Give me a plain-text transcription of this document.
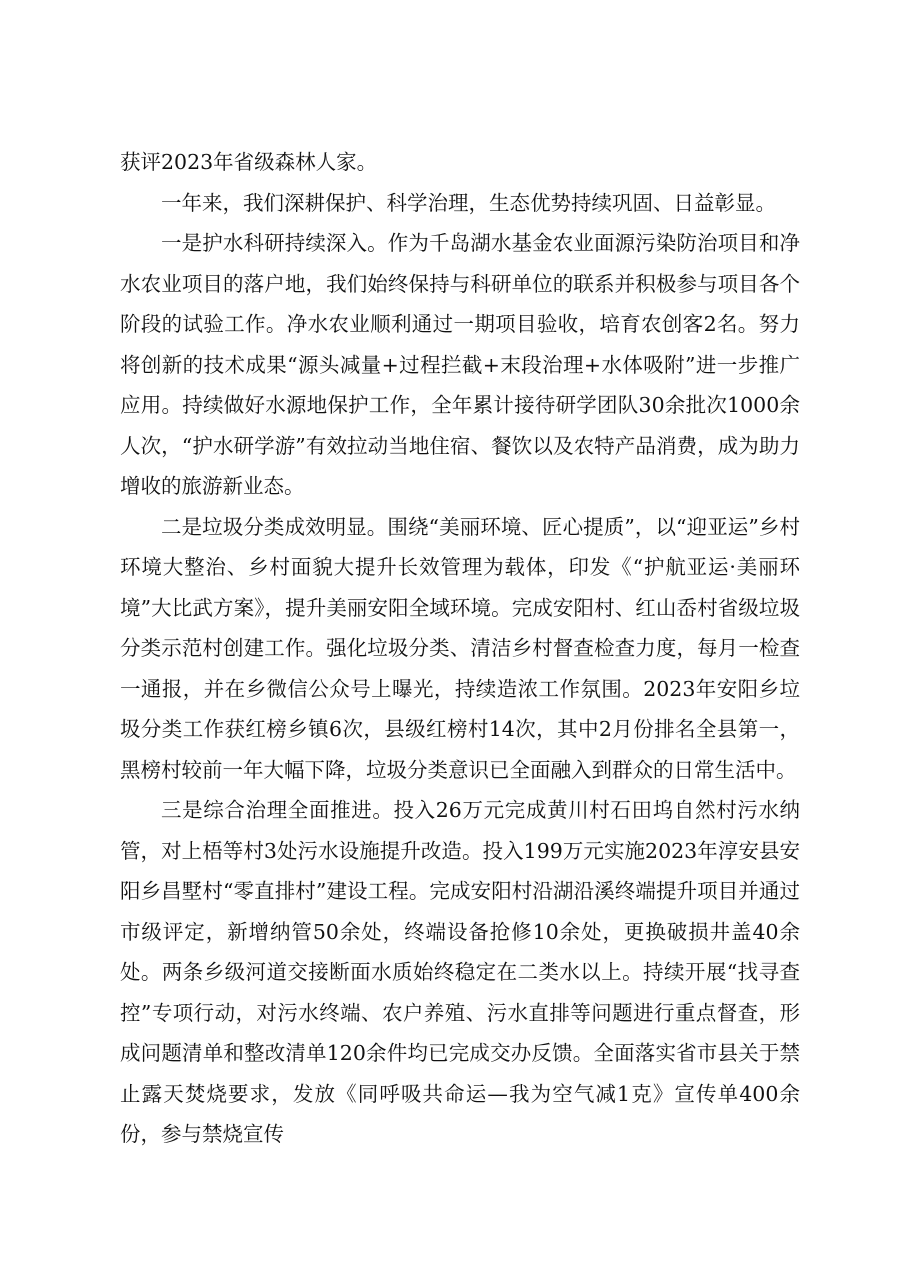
获评2023年省级森林人家。

一年来，我们深耕保护、科学治理，生态优势持续巩固、日益彰显。

一是护水科研持续深入。作为千岛湖水基金农业面源污染防治项目和净水农业项目的落户地，我们始终保持与科研单位的联系并积极参与项目各个阶段的试验工作。净水农业顺利通过一期项目验收，培育农创客2名。努力将创新的技术成果“源头减量+过程拦截+末段治理+水体吸附”进一步推广应用。持续做好水源地保护工作，全年累计接待研学团队30余批次1000余人次，“护水研学游”有效拉动当地住宿、餐饮以及农特产品消费，成为助力增收的旅游新业态。

二是垃圾分类成效明显。围绕“美丽环境、匠心提质”，以“迎亚运”乡村环境大整治、乡村面貌大提升长效管理为载体，印发《“护航亚运·美丽环境”大比武方案》，提升美丽安阳全域环境。完成安阳村、红山岙村省级垃圾分类示范村创建工作。强化垃圾分类、清洁乡村督查检查力度，每月一检查一通报，并在乡微信公众号上曝光，持续造浓工作氛围。2023年安阳乡垃圾分类工作获红榜乡镇6次，县级红榜村14次，其中2月份排名全县第一，黑榜村较前一年大幅下降，垃圾分类意识已全面融入到群众的日常生活中。

三是综合治理全面推进。投入26万元完成黄川村石田坞自然村污水纳管，对上梧等村3处污水设施提升改造。投入199万元实施2023年淳安县安阳乡昌墅村“零直排村”建设工程。完成安阳村沿湖沿溪终端提升项目并通过市级评定，新增纳管50余处，终端设备抢修10余处，更换破损井盖40余处。两条乡级河道交接断面水质始终稳定在二类水以上。持续开展“找寻查控”专项行动，对污水终端、农户养殖、污水直排等问题进行重点督查，形成问题清单和整改清单120余件均已完成交办反馈。全面落实省市县关于禁止露天焚烧要求，发放《同呼吸共命运—我为空气减1克》宣传单400余份，参与禁烧宣传
